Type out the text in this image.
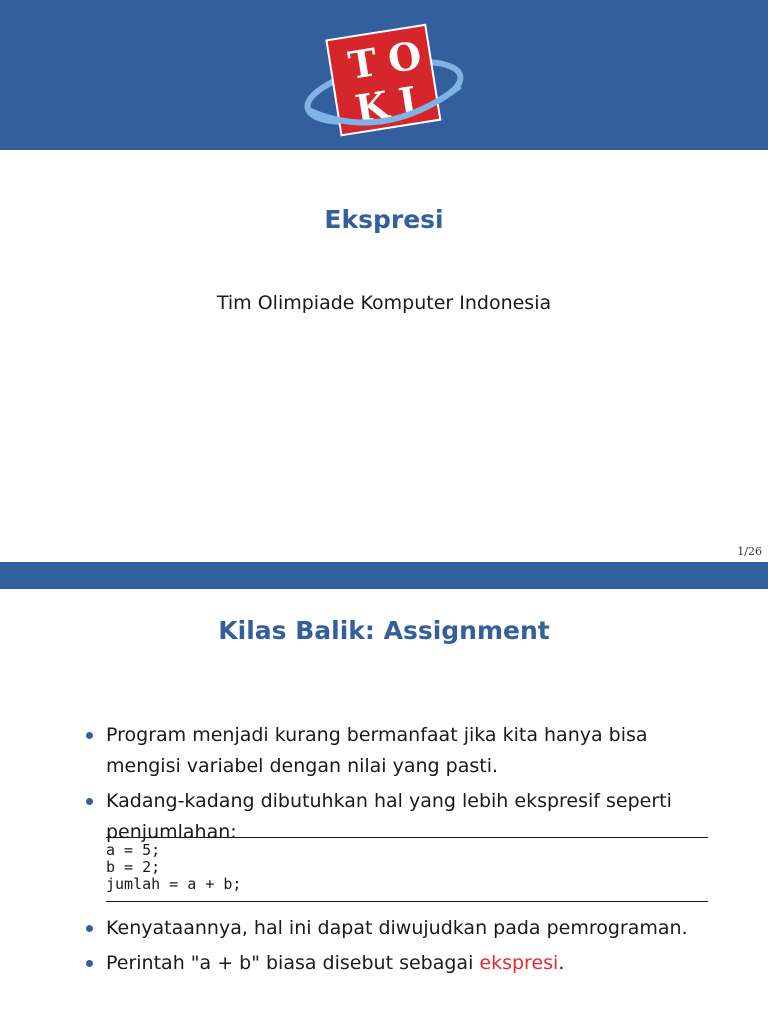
T O
K I
Ekspresi
Tim Olimpiade Komputer Indonesia
1/26
Kilas Balik: Assignment
Program menjadi kurang bermanfaat jika kita hanya bisa mengisi variabel dengan nilai yang pasti.
Kadang-kadang dibutuhkan hal yang lebih ekspresif seperti penjumlahan:
a = 5;
b = 2;
jumlah = a + b;
Kenyataannya, hal ini dapat diwujudkan pada pemrograman.
Perintah "a + b" biasa disebut sebagai ekspresi.
